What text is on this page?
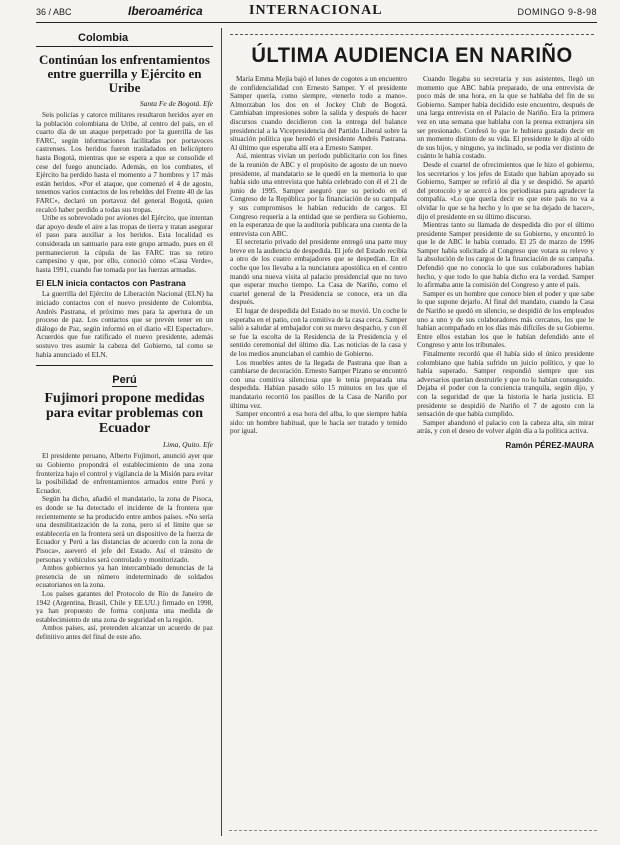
36 / ABC	Iberoamérica	INTERNACIONAL	DOMINGO 9-8-98
Colombia
Continúan los enfrentamientos entre guerrilla y Ejército en Uribe
Santa Fe de Bogotá. Efe

Seis policías y catorce militares resultaron heridos ayer en la población colombiana de Uribe, al centro del país, en el cuarto día de un ataque perpetrado por la guerrilla de las FARC, según informaciones facilitadas por portavoces castrenses. Los heridos fueron trasladados en helicóptero hasta Bogotá, mientras que se espera a que se consolide el cese del fuego anunciado. Además, en los combates, el Ejército ha perdido hasta el momento a 7 hombres y 17 más están heridos. «Por el ataque, que comenzó el 4 de agosto, tenemos varios contactos de los rebeldes del Frente 40 de las FARC», declaró un portavoz del general Bogotá, quien recalcó haber perdido a todas sus tropas.

Uribe es sobrevolado por aviones del Ejército, que intentan dar apoyo desde el aire a las tropas de tierra y tratan asegurar el paso para auxiliar a los heridos. Esta localidad es considerada un santuario para este grupo armado, pues en él permanecieron la cúpula de las FARC tras su retiro campesino y que, por ello, conoció cómo «Casa Verde», hasta 1991, cuando fue tomada por las fuerzas armadas.

El ELN inicia contactos con Pastrana

La guerrilla del Ejército de Liberación Nacional (ELN) ha iniciado contactos con el nuevo presidente de Colombia, Andrés Pastrana, el próximo mes para la apertura de un proceso de paz. Los contactos que se prevén tener en un diálogo de Paz, según informó en el diario «El Espectador». Acuerdos que fue ratificado el nuevo presidente, además sostuvo tres asumir la cabeza del Gobierno, tal como se había anunciado el ELN.

Perú
Fujimori propone medidas para evitar problemas con Ecuador
Lima, Quito. Efe

El presidente peruano, Alberto Fujimori, anunció ayer que su Gobierno propondrá el establecimiento de una zona fronteriza bajo el control y vigilancia de la Misión para evitar la posibilidad de enfrentamientos armados entre Perú y Ecuador.

Según ha dicho, añadió el mandatario, la zona de Pisoca, es donde se ha detectado el incidente de la frontera que recientemente se ha producido entre ambos países. «No sería una desmilitarización de la zona, pero sí el límite que se establecería en la frontera será un dispositivo de la fuerza de Ecuador y Perú a las distancias de acuerdo con la zona de Pisoca», aseveró el jefe del Estado. Así el tránsito de personas y vehículos será controlado y monitorizado.

Ambos gobiernos ya han intercambiado denuncias de la presencia de un número indeterminado de soldados ecuatorianos en la zona.

Los países garantes del Protocolo de Río de Janeiro de 1942 (Argentina, Brasil, Chile y EE.UU.) firmado en 1998, ya han propuesto de forma conjunta una medida de establecimiento de una zona de seguridad en la región.

Ambos países, así, pretenden alcanzar un acuerdo de paz definitivo antes del final de este año.

ÚLTIMA AUDIENCIA EN NARIÑO

María Emma Mejía bajó el lunes de cogotes a un encuentro de confidencialidad con Ernesto Samper. Y el presidente Samper quería, como siempre, «tenerlo todo a mano». Almorzaban los dos en el Jockey Club de Bogotá. Cambiaban impresiones sobre la salida y después de hacer discursos cuando decidieron con la entrega del balance presidencial a la Vicepresidencia del Partido Liberal sobre la situación política que heredó el presidente Andrés Pastrana. Al último que esperaba allí era a Ernesto Samper.

Así, mientras vivían un período publicitario con los fines de la reunión de ABC y el propósito de agosto de un nuevo presidente, al mandatario se le quedó en la memoria lo que había sido una entrevista que había celebrado con él el 21 de junio de 1995. Samper aseguró que su periodo en el Congreso de la República por la financiación de su campaña y sus compromisos le habían reducido de cargos. El Congreso requería a la entidad que se perdiera su Gobierno, en la esperanza de que la auditoría publicara una cuenta de la entrevista con ABC.

El secretario privado del presidente entregó una parte muy breve en la audiencia de despedida. El jefe del Estado recibía a otro de los cuatro embajadores que se despedían. En el coche que los llevaba a la nunciatura apostólica en el centro mandó una nueva visita al palacio presidencial que no tuvo que esperar mucho tiempo. La Casa de Nariño, como el cuartel general de la Presidencia se conoce, era un día después.

El lugar de despedida del Estado no se movió. Un coche le esperaba en el patio, con la comitiva de la casa cerca. Samper salió a saludar al embajador con su nuevo despacho, y con él se fue la escolta de la Residencia de la Presidencia y el sentido ceremonial del último día. Las noticias de la casa y de los medios anunciaban el cambio de Gobierno.

Los muebles antes de la llegada de Pastrana que iban a cambiarse de decoración. Ernesto Samper Pizano se encontró con una comitiva silenciosa que le tenía preparada una despedida. Habían pasado sólo 15 minutos en los que el mandatario recorrió los pasillos de la Casa de Nariño por última vez.

Samper encontró a esa hora del alba, lo que siempre había sido: un hombre habitual, que le hacía ser tratado y temido por igual.

Cuando llegaba su secretaria y sus asistentes, llegó un momento que ABC había preparado, de una entrevista de poco más de una hora, en la que se hablaba del fin de su Gobierno. Samper había decidido este encuentro, después de una larga entrevista en el Palacio de Nariño. Era la primera vez en una semana que hablaba con la prensa extranjera sin ser presionado. Confesó lo que le hubiera gustado decir en un momento distinto de su vida. El presidente le dijo al oído de sus hijos, y ninguno, ya inclinado, se podía ver distinto de cuánto le había costado.

Desde el cuartel de ofrecimientos que le hizo el gobierno, los secretarios y los jefes de Estado que habían apoyado su Gobierno, Samper se refirió al día y se despidió. Se apartó del protocolo y se acercó a los periodistas para agradecer la compañía. «Lo que quería decir es que este país no va a olvidar lo que se ha hecho y lo que se ha dejado de hacer», dijo el presidente en su último discurso.

Mientras tanto su llamada de despedida dio por el último presidente Samper presidente de su Gobierno, y encontró lo que le de ABC le había contado. El 25 de marzo de 1996 Samper había solicitado al Congreso que votara su relevo y la absolución de los cargos de la financiación de su campaña. Defendió que no conocía lo que sus colaboradores habían hecho, y que todo lo que había dicho era la verdad. Samper lo afirmaba ante la comisión del Congreso y ante el país.

Samper es un hombre que conoce bien el poder y que sabe lo que supone dejarlo. Al final del mandato, cuando la Casa de Nariño se quedó en silencio, se despidió de los empleados uno a uno y de sus colaboradores más cercanos, los que le habían acompañado en los días más difíciles de su Gobierno. Entre ellos estaban los que le habían defendido ante el Congreso y ante los tribunales.

Finalmente recordó que él había sido el único presidente colombiano que había sufrido un juicio político, y que lo había superado. Samper respondió siempre que sus adversarios querían destruirle y que no lo habían conseguido. Dejaba el poder con la conciencia tranquila, según dijo, y con la seguridad de que la historia le haría justicia. El presidente se despidió de Nariño el 7 de agosto con la sensación de que había cumplido.

Samper abandonó el palacio con la cabeza alta, sin mirar atrás, y con el deseo de volver algún día a la política activa.

Ramón PÉREZ-MAURA
